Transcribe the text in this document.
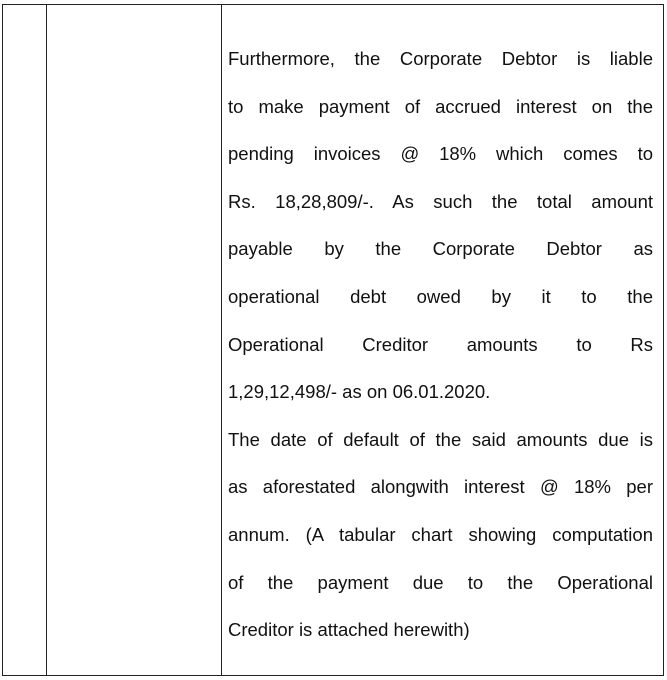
Furthermore, the Corporate Debtor is liable
to make payment of accrued interest on the
pending invoices @ 18% which comes to
Rs. 18,28,809/-. As such the total amount
payable by the Corporate Debtor as
operational debt owed by it to the
Operational Creditor amounts to Rs
1,29,12,498/- as on 06.01.2020.
The date of default of the said amounts due is
as aforestated alongwith interest @ 18% per
annum. (A tabular chart showing computation
of the payment due to the Operational
Creditor is attached herewith)
